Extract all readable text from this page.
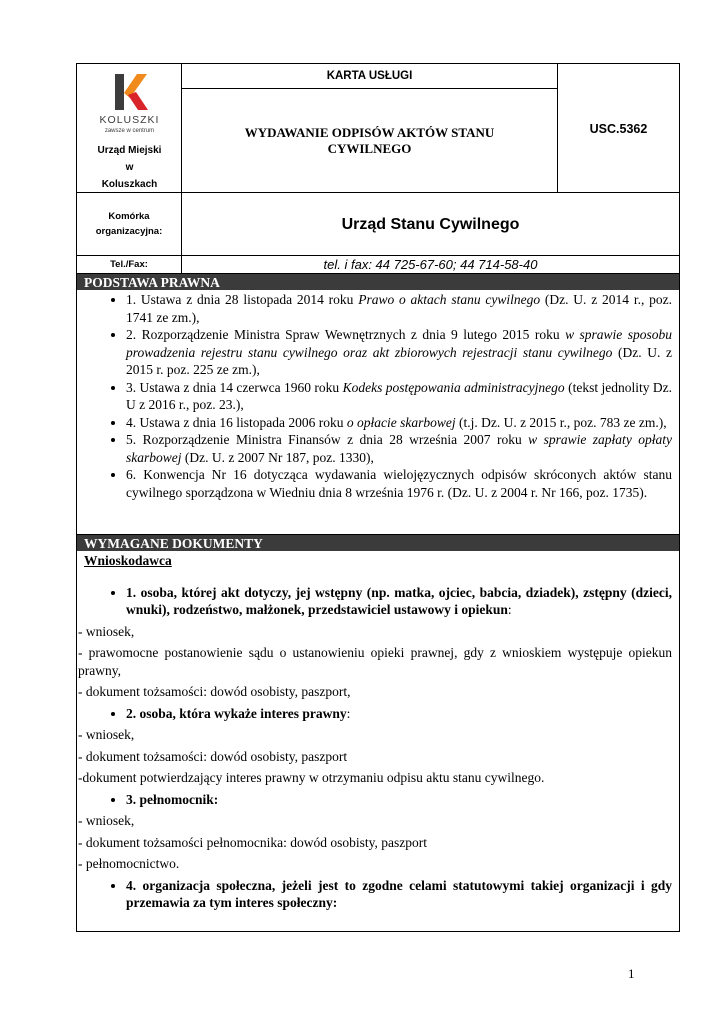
KOLUSZKI
zawsze w centrum
Urząd Miejski
w
Koluszkach
KARTA USŁUGI
WYDAWANIE ODPISÓW AKTÓW STANU
CYWILNEGO
USC.5362
Komórka
organizacyjna:	Urząd Stanu Cywilnego
Tel./Fax:	tel. i fax: 44 725-67-60; 44 714-58-40
PODSTAWA PRAWNA
• 1. Ustawa z dnia 28 listopada 2014 roku Prawo o aktach stanu cywilnego (Dz. U. z 2014 r., poz. 1741 ze zm.),
• 2. Rozporządzenie Ministra Spraw Wewnętrznych z dnia 9 lutego 2015 roku w sprawie sposobu prowadzenia rejestru stanu cywilnego oraz akt zbiorowych rejestracji stanu cywilnego (Dz. U. z 2015 r. poz. 225 ze zm.),
• 3. Ustawa z dnia 14 czerwca 1960 roku Kodeks postępowania administracyjnego (tekst jednolity Dz. U z 2016 r., poz. 23.),
• 4. Ustawa z dnia 16 listopada 2006 roku o opłacie skarbowej (t.j. Dz. U. z 2015 r., poz. 783 ze zm.),
• 5. Rozporządzenie Ministra Finansów z dnia 28 września 2007 roku w sprawie zapłaty opłaty skarbowej (Dz. U. z 2007 Nr 187, poz. 1330),
• 6. Konwencja Nr 16 dotycząca wydawania wielojęzycznych odpisów skróconych aktów stanu cywilnego sporządzona w Wiedniu dnia 8 września 1976 r. (Dz. U. z 2004 r. Nr 166, poz. 1735).
WYMAGANE DOKUMENTY
Wnioskodawca
• 1. osoba, której akt dotyczy, jej wstępny (np. matka, ojciec, babcia, dziadek), zstępny (dzieci, wnuki), rodzeństwo, małżonek, przedstawiciel ustawowy i opiekun:
- wniosek,
- prawomocne postanowienie sądu o ustanowieniu opieki prawnej, gdy z wnioskiem występuje opiekun prawny,
- dokument tożsamości: dowód osobisty, paszport,
• 2. osoba, która wykaże interes prawny:
- wniosek,
- dokument tożsamości: dowód osobisty, paszport
-dokument potwierdzający interes prawny w otrzymaniu odpisu aktu stanu cywilnego.
• 3. pełnomocnik:
- wniosek,
- dokument tożsamości pełnomocnika: dowód osobisty, paszport
- pełnomocnictwo.
• 4. organizacja społeczna, jeżeli jest to zgodne celami statutowymi takiej organizacji i gdy przemawia za tym interes społeczny:
1
